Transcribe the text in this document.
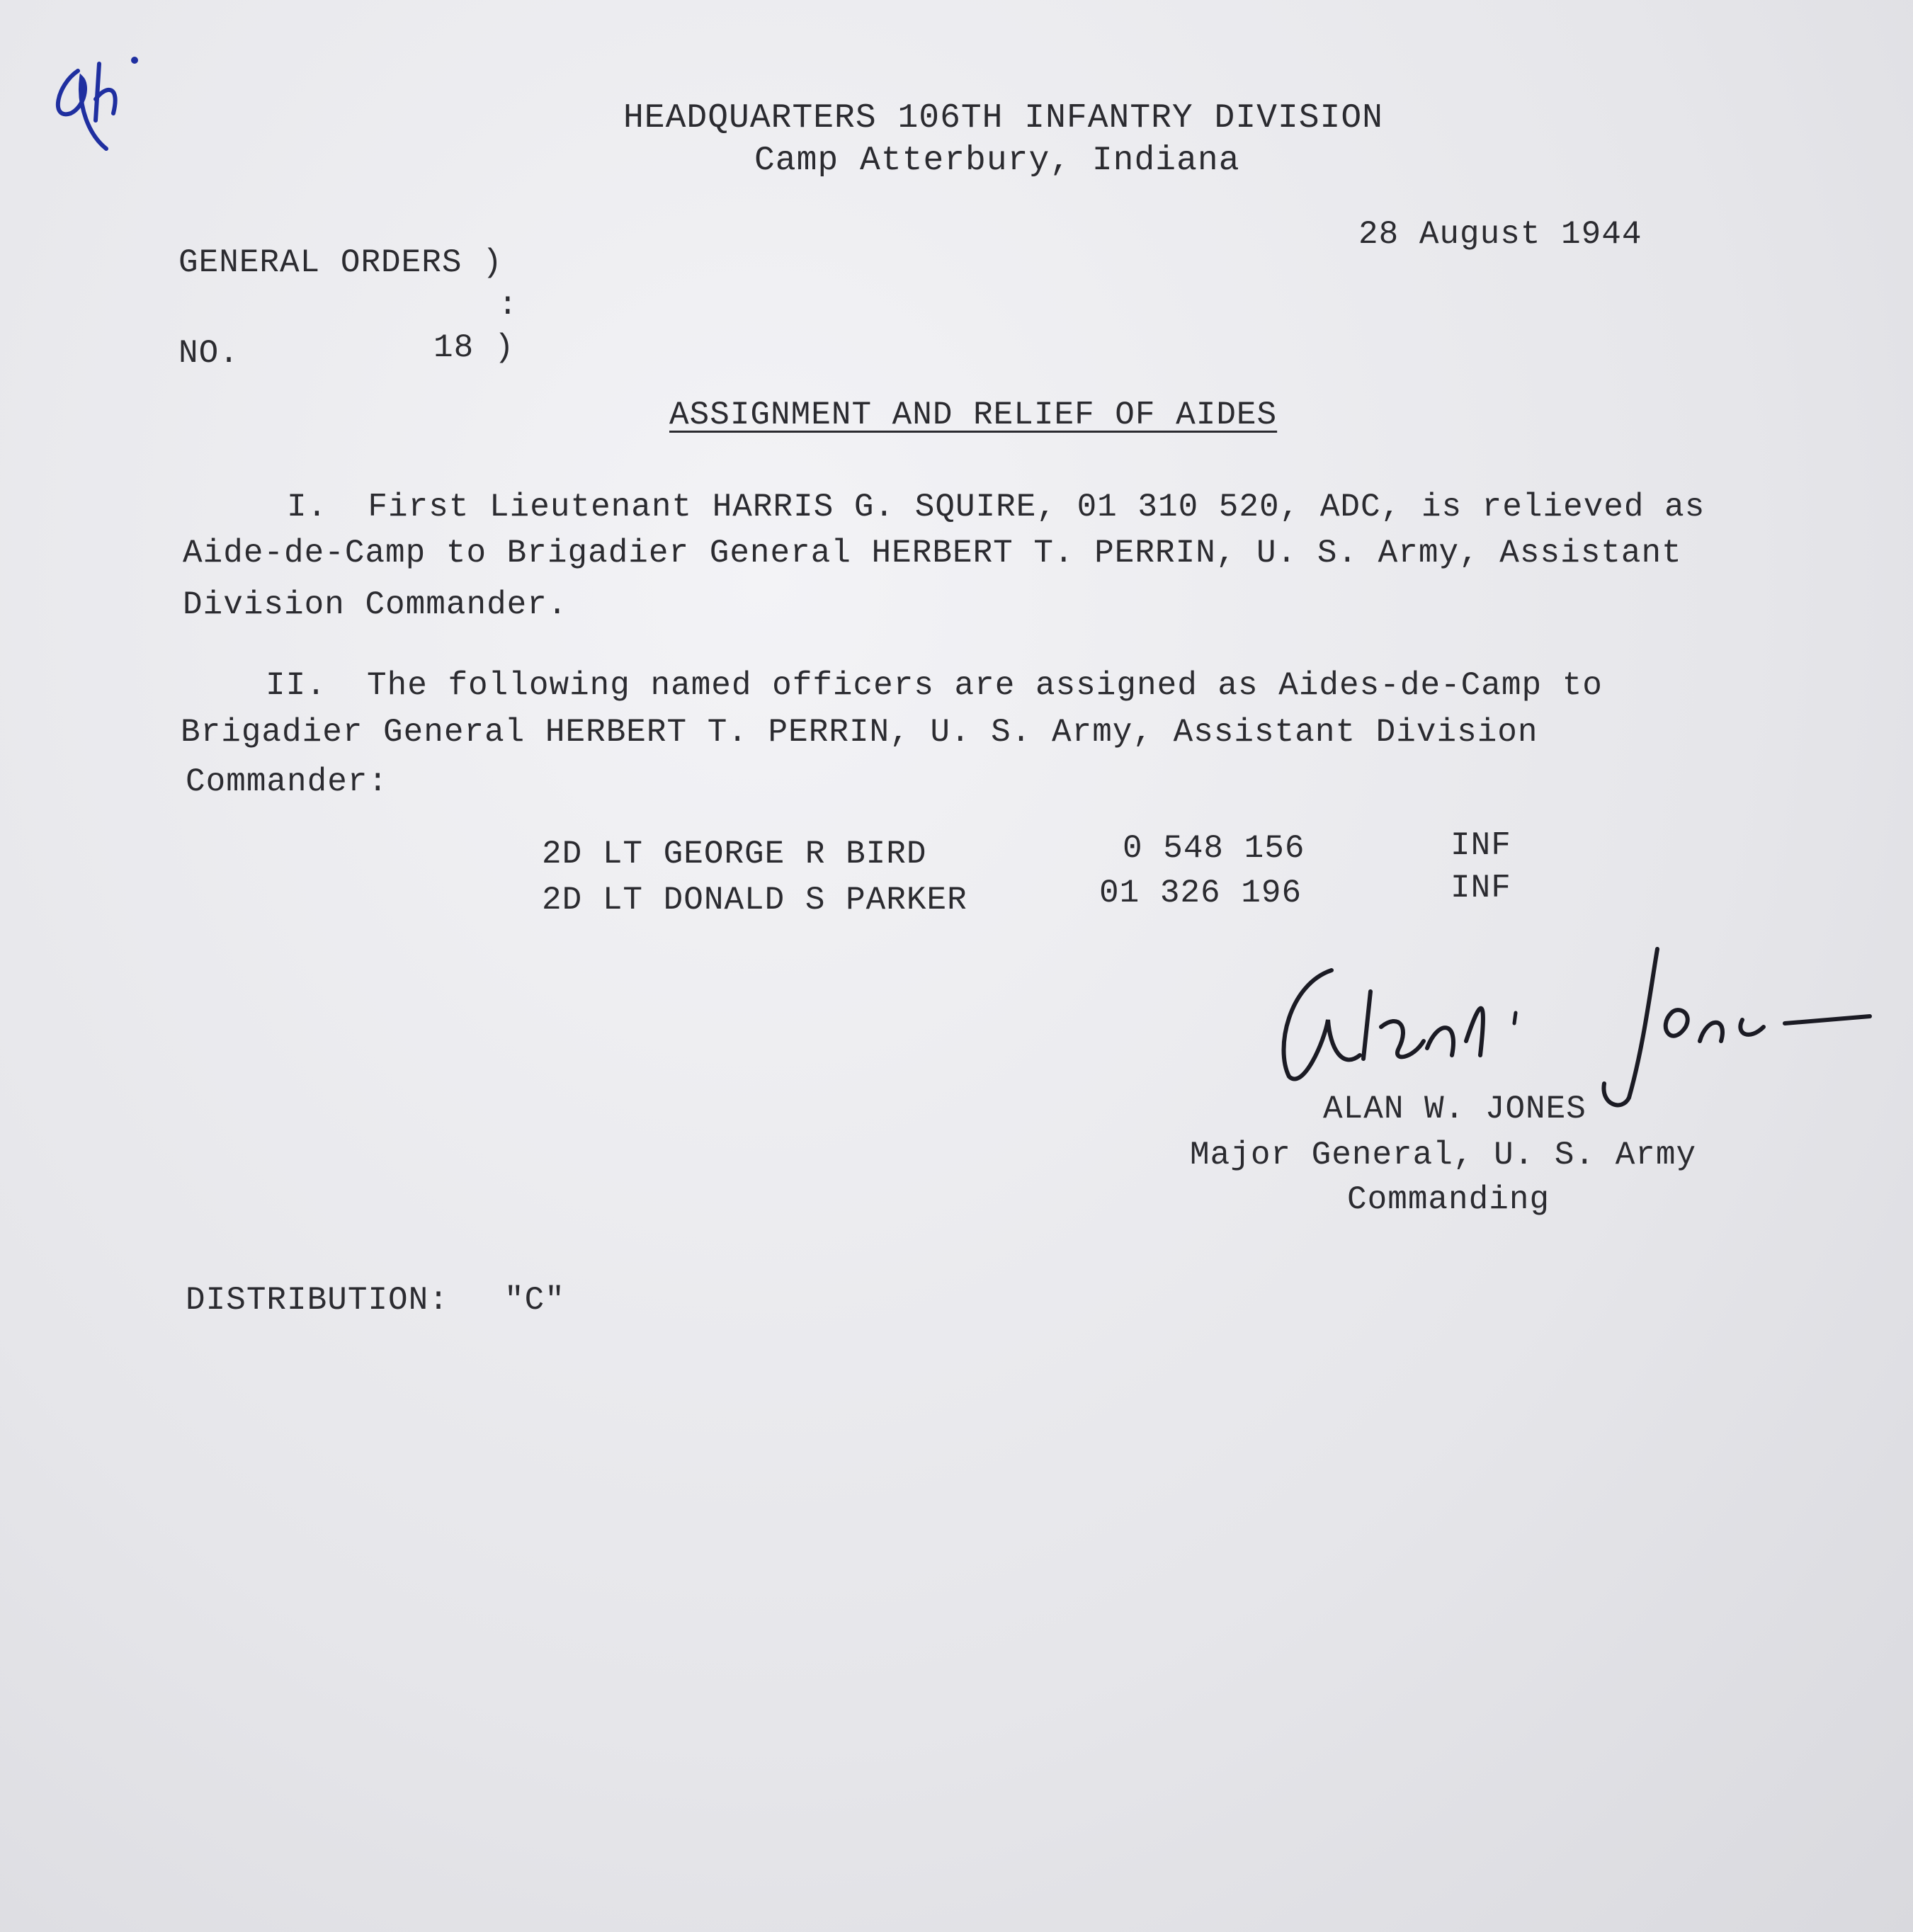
HEADQUARTERS 106TH INFANTRY DIVISION
Camp Atterbury, Indiana
28 August 1944
GENERAL ORDERS )
:
NO.	18 )
ASSIGNMENT AND RELIEF OF AIDES
I.  First Lieutenant HARRIS G. SQUIRE, 01 310 520, ADC, is relieved as
Aide-de-Camp to Brigadier General HERBERT T. PERRIN, U. S. Army, Assistant
Division Commander.
II.  The following named officers are assigned as Aides-de-Camp to
Brigadier General HERBERT T. PERRIN, U. S. Army, Assistant Division
Commander:
2D LT GEORGE R BIRD	0 548 156	INF
2D LT DONALD S PARKER	01 326 196	INF
ALAN W. JONES
Major General, U. S. Army
Commanding
DISTRIBUTION: "C"
